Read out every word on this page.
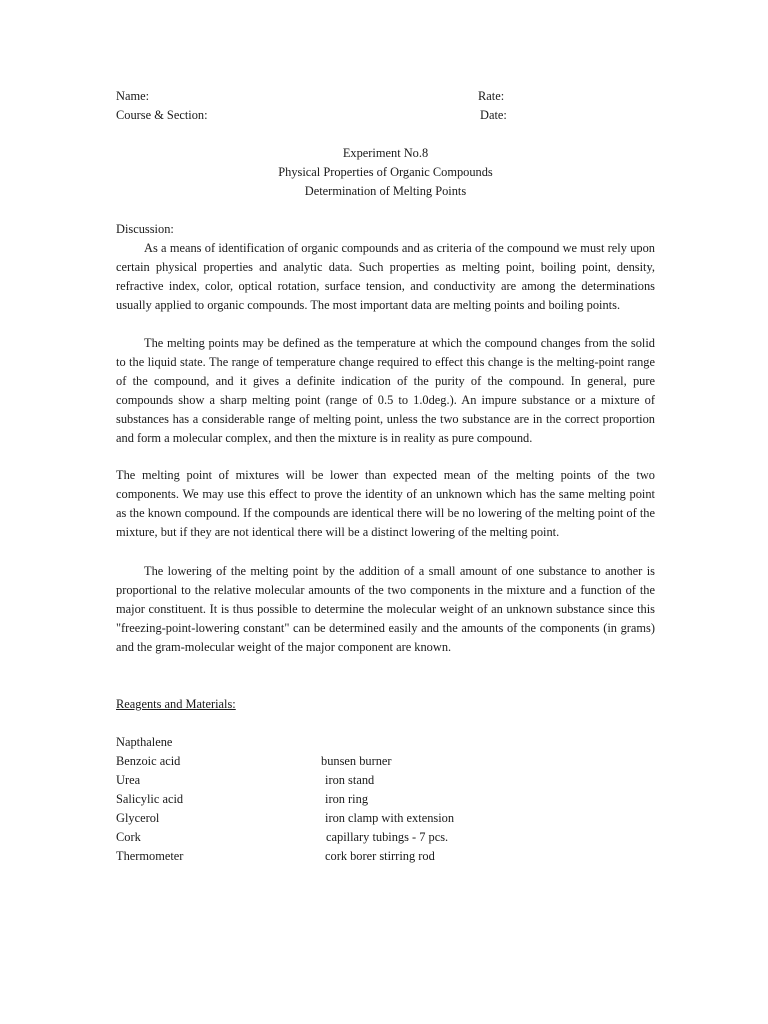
Name:	Rate:
Course & Section:	Date:
Experiment No.8
Physical Properties of Organic Compounds
Determination of Melting Points
Discussion:
As a means of identification of organic compounds and as criteria of the compound we must rely upon certain physical properties and analytic data. Such properties as melting point, boiling point, density, refractive index, color, optical rotation, surface tension, and conductivity are among the determinations usually applied to organic compounds. The most important data are melting points and boiling points.
The melting points may be defined as the temperature at which the compound changes from the solid to the liquid state. The range of temperature change required to effect this change is the melting-point range of the compound, and it gives a definite indication of the purity of the compound. In general, pure compounds show a sharp melting point (range of 0.5 to 1.0deg.). An impure substance or a mixture of substances has a considerable range of melting point, unless the two substance are in the correct proportion and form a molecular complex, and then the mixture is in reality as pure compound.
The melting point of mixtures will be lower than expected mean of the melting points of the two components. We may use this effect to prove the identity of an unknown which has the same melting point as the known compound. If the compounds are identical there will be no lowering of the melting point of the mixture, but if they are not identical there will be a distinct lowering of the melting point.
The lowering of the melting point by the addition of a small amount of one substance to another is proportional to the relative molecular amounts of the two components in the mixture and a function of the major constituent. It is thus possible to determine the molecular weight of an unknown substance since this "freezing-point-lowering constant" can be determined easily and the amounts of the components (in grams) and the gram-molecular weight of the major component are known.
Reagents and Materials:
Napthalene
Benzoic acid
Urea
Salicylic acid
Glycerol
Cork
Thermometer
bunsen burner
iron stand
iron ring
iron clamp with extension
capillary tubings - 7 pcs.
cork borer stirring rod
